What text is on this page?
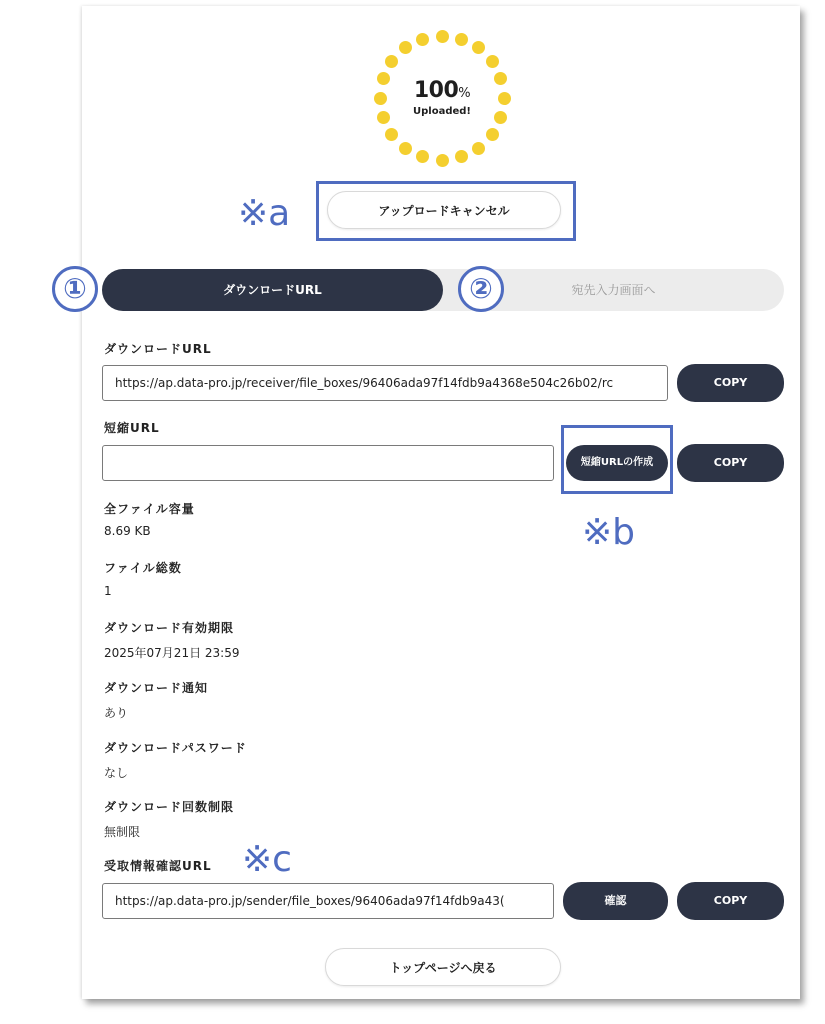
100%
Uploaded!
アップロードキャンセル
※a
ダウンロードURL	宛先入力画面へ
①	②
ダウンロードURL
https://ap.data-pro.jp/receiver/file_boxes/96406ada97f14fdb9a4368e504c26b02/rc	COPY
短縮URL
短縮URLの作成	COPY
※b
全ファイル容量
8.69 KB
ファイル総数
1
ダウンロード有効期限
2025年07月21日 23:59
ダウンロード通知
あり
ダウンロードパスワード
なし
ダウンロード回数制限
無制限
受取情報確認URL ※c
https://ap.data-pro.jp/sender/file_boxes/96406ada97f14fdb9a43(	確認	COPY
トップページへ戻る
